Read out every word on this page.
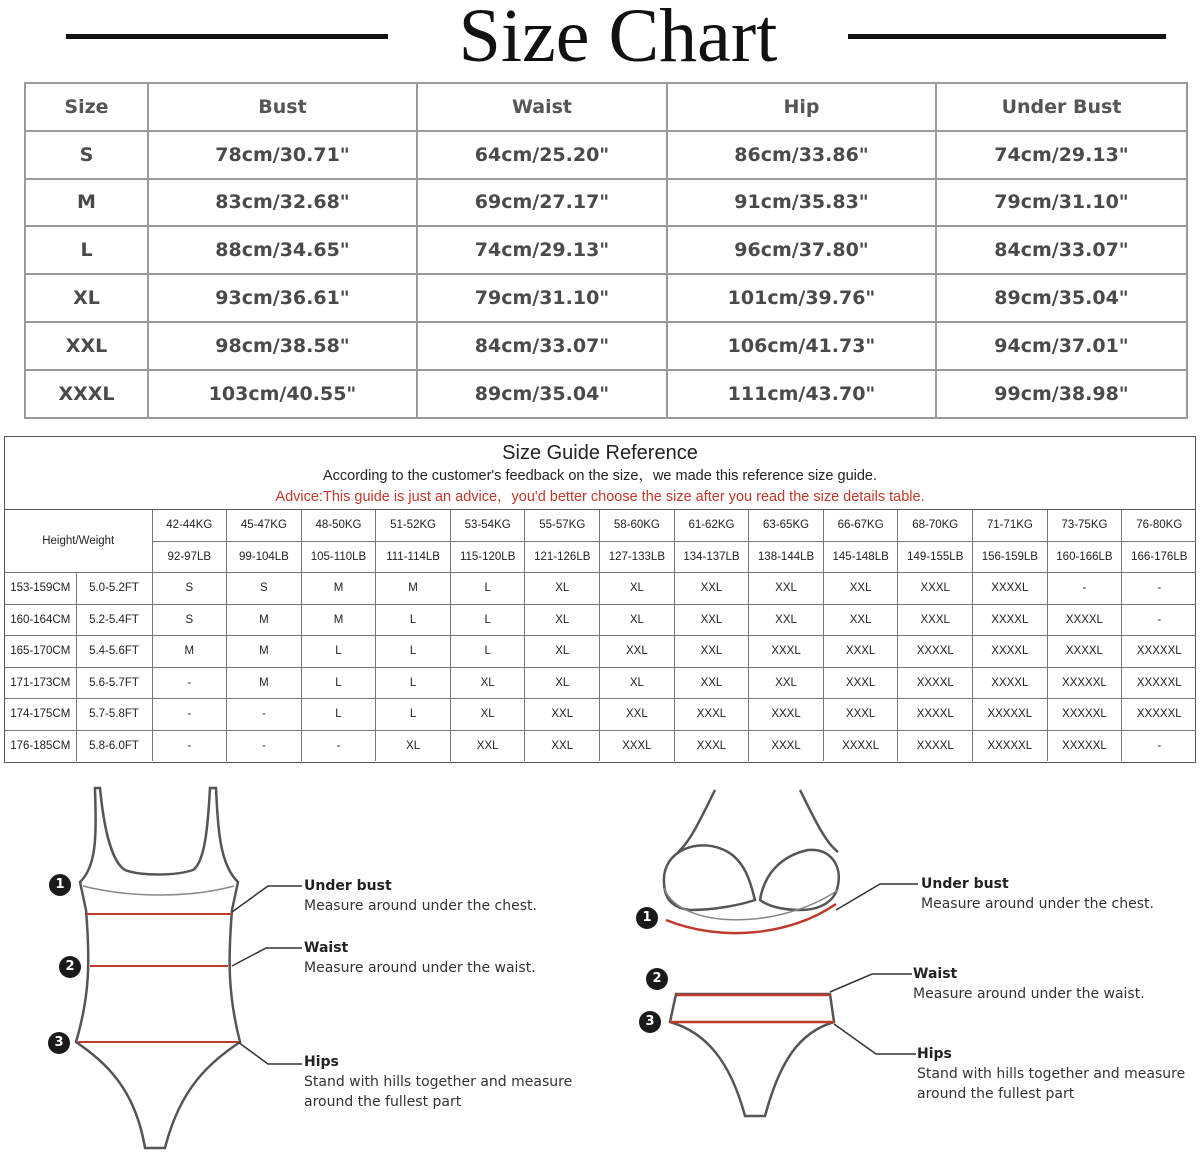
Size Chart
Size	Bust	Waist	Hip	Under Bust
S	78cm/30.71"	64cm/25.20"	86cm/33.86"	74cm/29.13"
M	83cm/32.68"	69cm/27.17"	91cm/35.83"	79cm/31.10"
L	88cm/34.65"	74cm/29.13"	96cm/37.80"	84cm/33.07"
XL	93cm/36.61"	79cm/31.10"	101cm/39.76"	89cm/35.04"
XXL	98cm/38.58"	84cm/33.07"	106cm/41.73"	94cm/37.01"
XXXL	103cm/40.55"	89cm/35.04"	111cm/43.70"	99cm/38.98"
Size Guide Reference
According to the customer's feedback on the size，we made this reference size guide.
Advice:This guide is just an advice，you'd better choose the size after you read the size details table.
Height/Weight		42-44KG	45-47KG	48-50KG	51-52KG	53-54KG	55-57KG	58-60KG	61-62KG	63-65KG	66-67KG	68-70KG	71-71KG	73-75KG	76-80KG
		92-97LB	99-104LB	105-110LB	111-114LB	115-120LB	121-126LB	127-133LB	134-137LB	138-144LB	145-148LB	149-155LB	156-159LB	160-166LB	166-176LB
153-159CM	5.0-5.2FT	S	S	M	M	L	XL	XL	XXL	XXL	XXL	XXXL	XXXXL	-	-
160-164CM	5.2-5.4FT	S	M	M	L	L	XL	XL	XXL	XXL	XXL	XXXL	XXXXL	XXXXL	-
165-170CM	5.4-5.6FT	M	M	L	L	L	XL	XXL	XXL	XXXL	XXXL	XXXXL	XXXXL	XXXXL	XXXXXL
171-173CM	5.6-5.7FT	-	M	L	L	XL	XL	XL	XXL	XXL	XXXL	XXXXL	XXXXL	XXXXXL	XXXXXL
174-175CM	5.7-5.8FT	-	-	L	L	XL	XXL	XXL	XXXL	XXXL	XXXL	XXXXL	XXXXXL	XXXXXL	XXXXXL
176-185CM	5.8-6.0FT	-	-	-	XL	XXL	XXL	XXXL	XXXL	XXXL	XXXXL	XXXXL	XXXXXL	XXXXXL	-
1
2
3
Under bust
Measure around under the chest.
Waist
Measure around under the waist.
Hips
Stand with hills together and measure
around the fullest part
1
2
3
Under bust
Measure around under the chest.
Waist
Measure around under the waist.
Hips
Stand with hills together and measure
around the fullest part
